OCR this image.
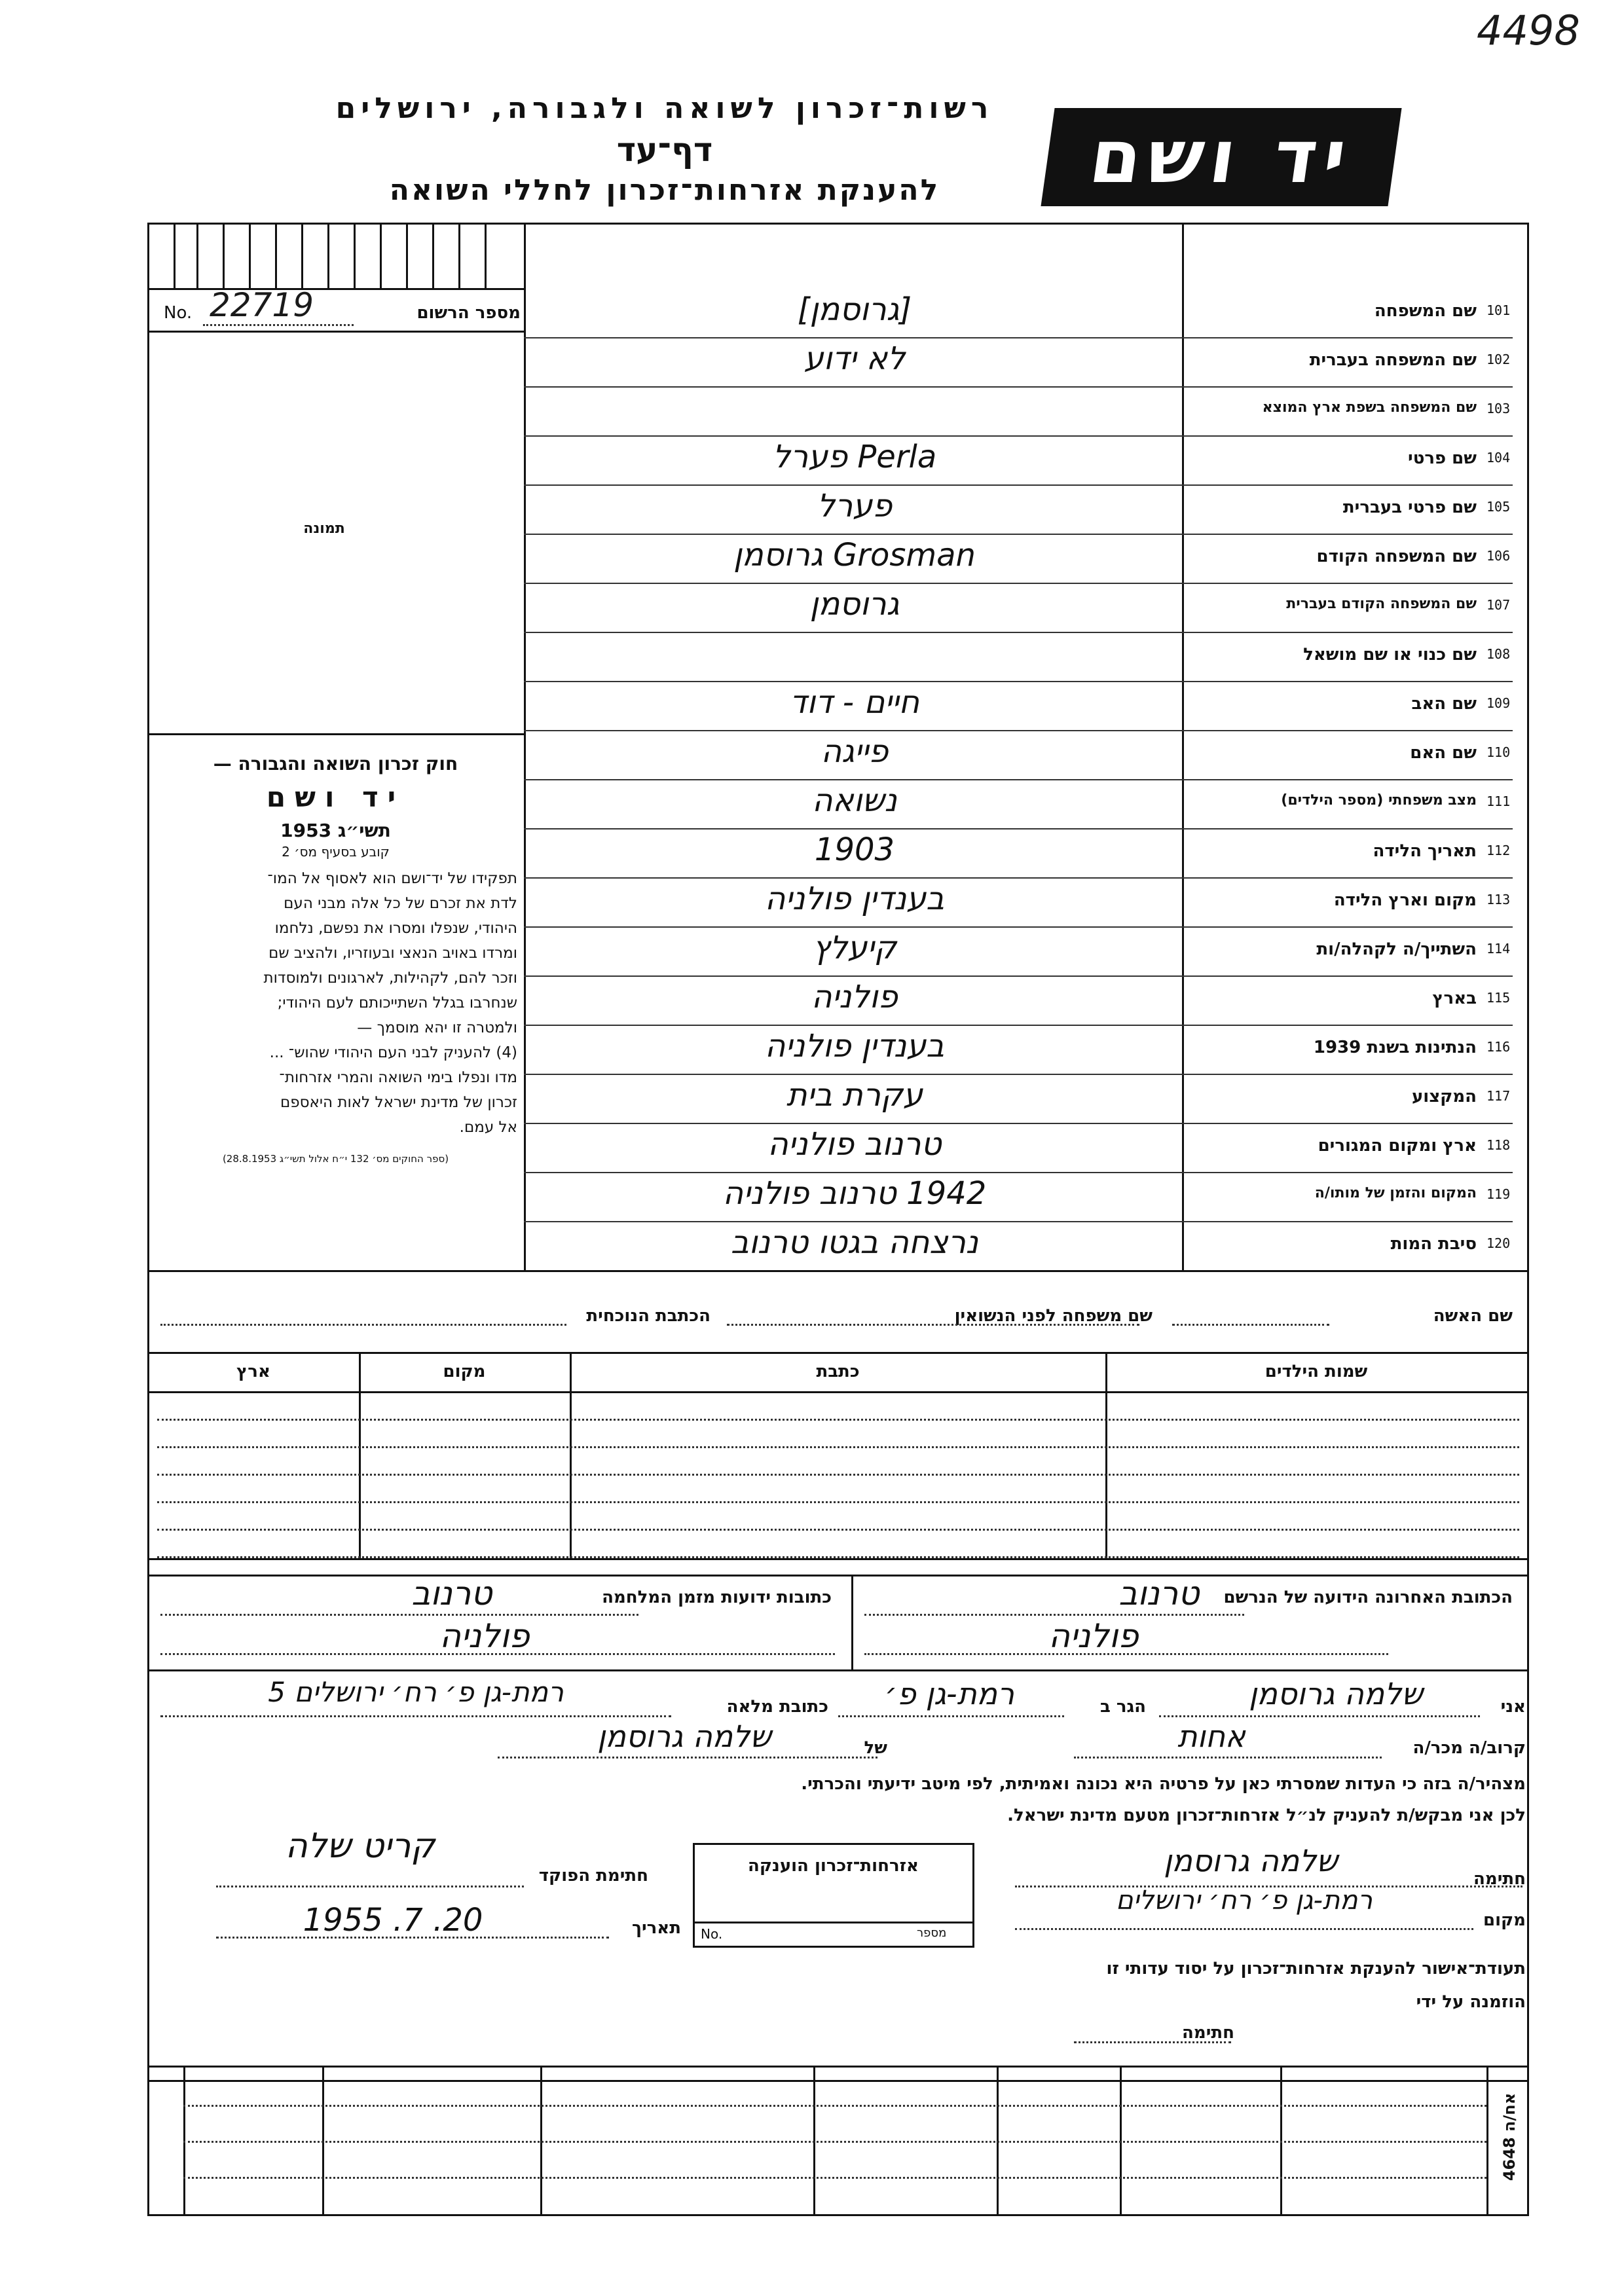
4498
יד ושם
רשות־זכרון לשואה ולגבורה, ירושלים
דף־עד
להענקת אזרחות־זכרון לחללי השואה
No. 22719	מספר הרשום
תמונה
חוק זכרון השואה והגבורה —
יד ושם
תשי״ג 1953
קובע בסעיף מס׳ 2
תפקידו של יד־ושם הוא לאסוף אל המו־
לדת את זכרם של כל אלה מבני העם
היהודי, שנפלו ומסרו את נפשם, נלחמו
ומרדו באויב הנאצי ובעוזריו, ולהציב שם
וזכר להם, לקהילות, לארגונים ולמוסדות
שנחרבו בגלל השתייכותם לעם היהודי;
ולמטרה זו יהא מוסמך —
(4) להעניק לבני העם היהודי שהוש־ ...
מדו ונפלו בימי השואה והמרי אזרחות־
זכרון של מדינת ישראל לאות היאספם
אל עמם.
(ספר החוקים מס׳ 132 י״ח אלול תשי״ג 28.8.1953)
101
שם המשפחה
[גרוסמן]
102
שם המשפחה בעברית
לא ידוע
103
שם המשפחה בשפת ארץ המוצא
104
שם פרטי
Perla פערל
105
שם פרטי בעברית
פערל
106
שם המשפחה הקודם
Grosman גרוסמן
107
שם המשפחה הקודם בעברית
גרוסמן
108
שם כנוי או שם מושאל
109
שם האב
חיים - דוד
110
שם האם
פייגה
111
מצב משפחתי (מספר הילדים)
נשואה
112
תאריך הלידה
1903
113
מקום וארץ הלידה
בענדין פולניה
114
השתייך/ה לקהלה/ות
קיעלץ
115
בארץ
פולניה
116
הנתינות בשנת 1939
בענדין פולניה
117
המקצוע
עקרת בית
118
ארץ ומקום המגורים
טרנוב פולניה
119
המקום והזמן של מותו/ה
1942 טרנוב פולניה
120
סיבת המות
נרצחה בגטו טרנוב
שם האשה
שם משפחה לפני הנשואין
הכתבת הנוכחית
שמות הילדים
כתבת
מקום
ארץ
הכתובת האחרונה הידועה של הנרשם
טרנוב
פולניה
כתובות ידועות מזמן המלחמה
טרנוב
פולניה
אני
שלמה גרוסמן
הגר ב
רמת-גן פ׳
כתובת מלאה
רמת-גן פ׳ רח׳ ירושלים 5
קרוב/ה מכר/ה
אחות
של
שלמה גרוסמן
מצהיר/ה בזה כי העדות שמסרתי כאן על פרטיה היא נכונה ואמיתית, לפי מיטב ידיעתי והכרתי.
לכן אני מבקש/ת להעניק לנ״ל אזרחות־זכרון מטעם מדינת ישראל.
חתימה
שלמה גרוסמן
מקום
רמת-גן פ׳ רח׳ ירושלים
אזרחות־זכרון הוענקה
No.	מספר
חתימת הפוקד
קריט שלה
תאריך
20. 7. 1955
תעודת־אישור להענקת אזרחות־זכרון על יסוד עדותי זו
הוזמנה על ידי
חתימה
אח/ה 4648
